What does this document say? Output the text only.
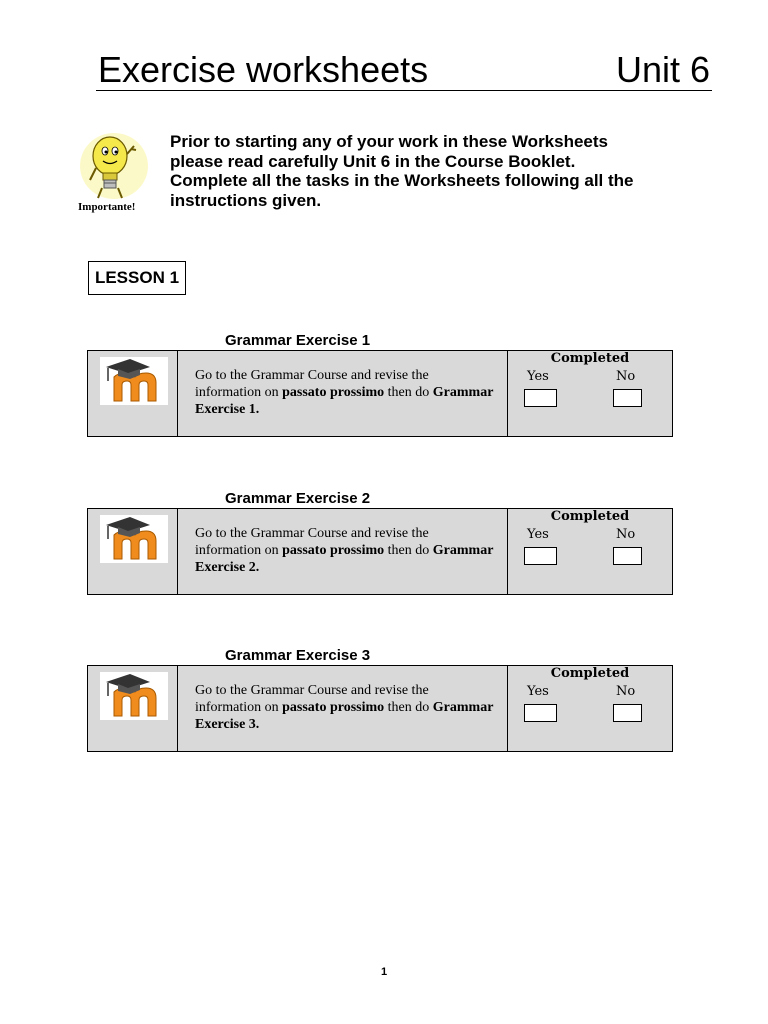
Exercise worksheets	Unit 6
Importante!
Prior to starting any of your work in these Worksheets
please read carefully Unit 6 in the Course Booklet.
Complete all the tasks in the Worksheets following all the
instructions given.
LESSON 1
Grammar Exercise 1
Go to the Grammar Course and revise the information on passato prossimo then do Grammar Exercise 1.
Completed
Yes	No
Grammar Exercise 2
Go to the Grammar Course and revise the information on passato prossimo then do Grammar Exercise 2.
Completed
Yes	No
Grammar Exercise 3
Go to the Grammar Course and revise the information on passato prossimo then do Grammar Exercise 3.
Completed
Yes	No
1
